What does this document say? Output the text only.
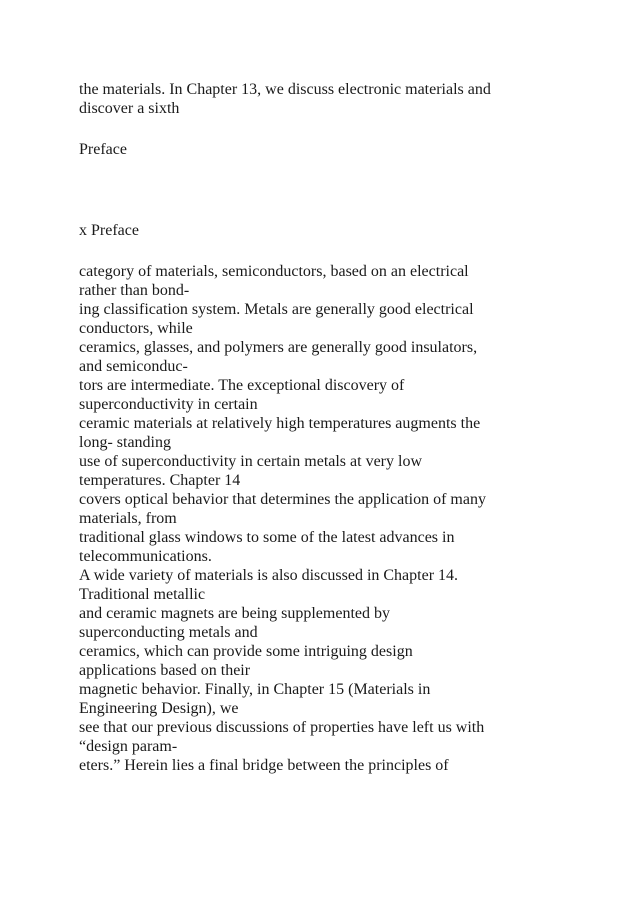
the materials. In Chapter 13, we discuss electronic materials and
discover a sixth
Preface
x Preface
category of materials, semiconductors, based on an electrical
rather than bond-
ing classification system. Metals are generally good electrical
conductors, while
ceramics, glasses, and polymers are generally good insulators,
and semiconduc-
tors are intermediate. The exceptional discovery of
superconductivity in certain
ceramic materials at relatively high temperatures augments the
long- standing
use of superconductivity in certain metals at very low
temperatures. Chapter 14
covers optical behavior that determines the application of many
materials, from
traditional glass windows to some of the latest advances in
telecommunications.
A wide variety of materials is also discussed in Chapter 14.
Traditional metallic
and ceramic magnets are being supplemented by
superconducting metals and
ceramics, which can provide some intriguing design
applications based on their
magnetic behavior. Finally, in Chapter 15 (Materials in
Engineering Design), we
see that our previous discussions of properties have left us with
“design param-
eters.” Herein lies a final bridge between the principles of
